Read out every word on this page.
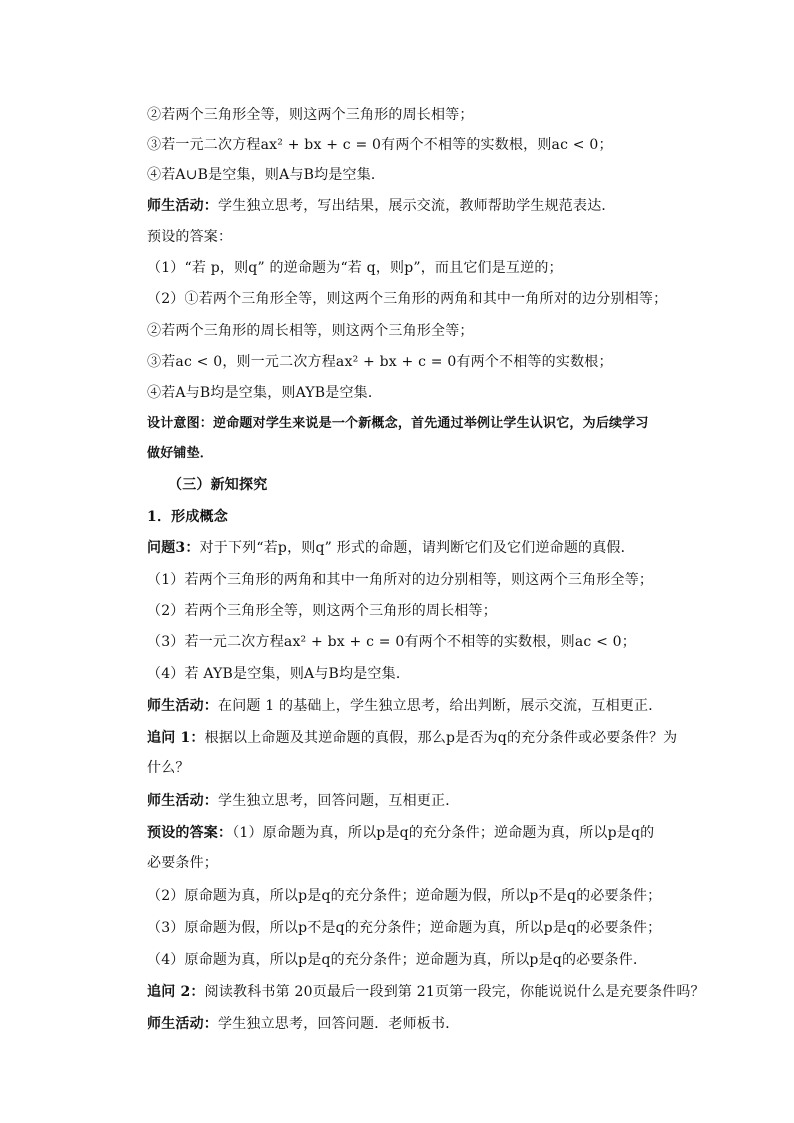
②若两个三角形全等，则这两个三角形的周长相等；
③若一元二次方程ax² + bx + c = 0有两个不相等的实数根，则ac < 0；
④若A∪B是空集，则A与B均是空集．
师生活动：学生独立思考，写出结果，展示交流，教师帮助学生规范表达．
预设的答案：
（1）“若 p，则q” 的逆命题为“若 q，则p”，而且它们是互逆的；
（2）①若两个三角形全等，则这两个三角形的两角和其中一角所对的边分别相等；
②若两个三角形的周长相等，则这两个三角形全等；
③若ac < 0，则一元二次方程ax² + bx + c = 0有两个不相等的实数根；
④若A与B均是空集，则AYB是空集．
设计意图：逆命题对学生来说是一个新概念，首先通过举例让学生认识它，为后续学习
做好铺垫．
（三）新知探究
1．形成概念
问题3：对于下列“若p，则q” 形式的命题，请判断它们及它们逆命题的真假．
（1）若两个三角形的两角和其中一角所对的边分别相等，则这两个三角形全等；
（2）若两个三角形全等，则这两个三角形的周长相等；
（3）若一元二次方程ax² + bx + c = 0有两个不相等的实数根，则ac < 0；
（4）若 AYB是空集，则A与B均是空集．
师生活动：在问题 1 的基础上，学生独立思考，给出判断，展示交流，互相更正．
追问 1：根据以上命题及其逆命题的真假，那么p是否为q的充分条件或必要条件？为
什么？
师生活动：学生独立思考，回答问题，互相更正．
预设的答案：（1）原命题为真，所以p是q的充分条件；逆命题为真，所以p是q的
必要条件；
（2）原命题为真，所以p是q的充分条件；逆命题为假，所以p不是q的必要条件；
（3）原命题为假，所以p不是q的充分条件；逆命题为真，所以p是q的必要条件；
（4）原命题为真，所以p是q的充分条件；逆命题为真，所以p是q的必要条件．
追问 2：阅读教科书第 20页最后一段到第 21页第一段完，你能说说什么是充要条件吗？
师生活动：学生独立思考，回答问题．老师板书．
